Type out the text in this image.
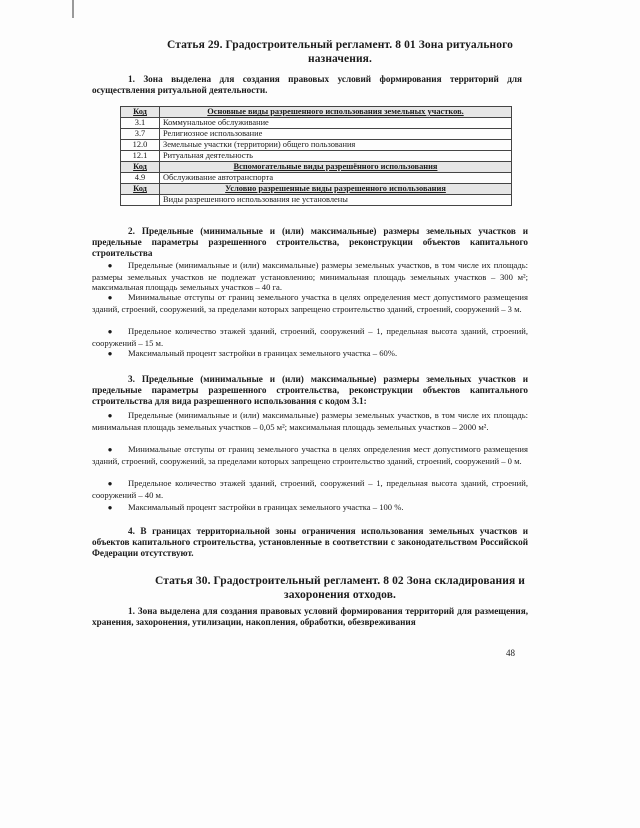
Статья 29. Градостроительный регламент. 8 01 Зона ритуального
назначения.
1. Зона выделена для создания правовых условий формирования территорий для осуществления ритуальной деятельности.
Код	Основные виды разрешенного использования земельных участков.
3.1	Коммунальное обслуживание
3.7	Религиозное использование
12.0	Земельные участки (территории) общего пользования
12.1	Ритуальная деятельность
Код	Вспомогательные виды разрешённого использования
4.9	Обслуживание автотранспорта
Код	Условно разрешенные виды разрешенного использования
	Виды разрешенного использования не установлены
2. Предельные (минимальные и (или) максимальные) размеры земельных участков и предельные параметры разрешенного строительства, реконструкции объектов капитального строительства
● Предельные (минимальные и (или) максимальные) размеры земельных участков, в том числе их площадь: размеры земельных участков не подлежат установлению; минимальная площадь земельных участков – 300 м²; максимальная площадь земельных участков – 40 га.
● Минимальные отступы от границ земельного участка в целях определения мест допустимого размещения зданий, строений, сооружений, за пределами которых запрещено строительство зданий, строений, сооружений – 3 м.
● Предельное количество этажей зданий, строений, сооружений – 1, предельная высота зданий, строений, сооружений – 15 м.
● Максимальный процент застройки в границах земельного участка – 60%.
3. Предельные (минимальные и (или) максимальные) размеры земельных участков и предельные параметры разрешенного строительства, реконструкции объектов капитального строительства для вида разрешенного использования с кодом 3.1:
● Предельные (минимальные и (или) максимальные) размеры земельных участков, в том числе их площадь: минимальная площадь земельных участков – 0,05 м²; максимальная площадь земельных участков – 2000 м².
● Минимальные отступы от границ земельного участка в целях определения мест допустимого размещения зданий, строений, сооружений, за пределами которых запрещено строительство зданий, строений, сооружений – 0 м.
● Предельное количество этажей зданий, строений, сооружений – 1, предельная высота зданий, строений, сооружений – 40 м.
● Максимальный процент застройки в границах земельного участка – 100 %.
4. В границах территориальной зоны ограничения использования земельных участков и объектов капитального строительства, установленные в соответствии с законодательством Российской Федерации отсутствуют.
Статья 30. Градостроительный регламент. 8 02 Зона складирования и
захоронения отходов.
1. Зона выделена для создания правовых условий формирования территорий для размещения, хранения, захоронения, утилизации, накопления, обработки, обезвреживания
48
